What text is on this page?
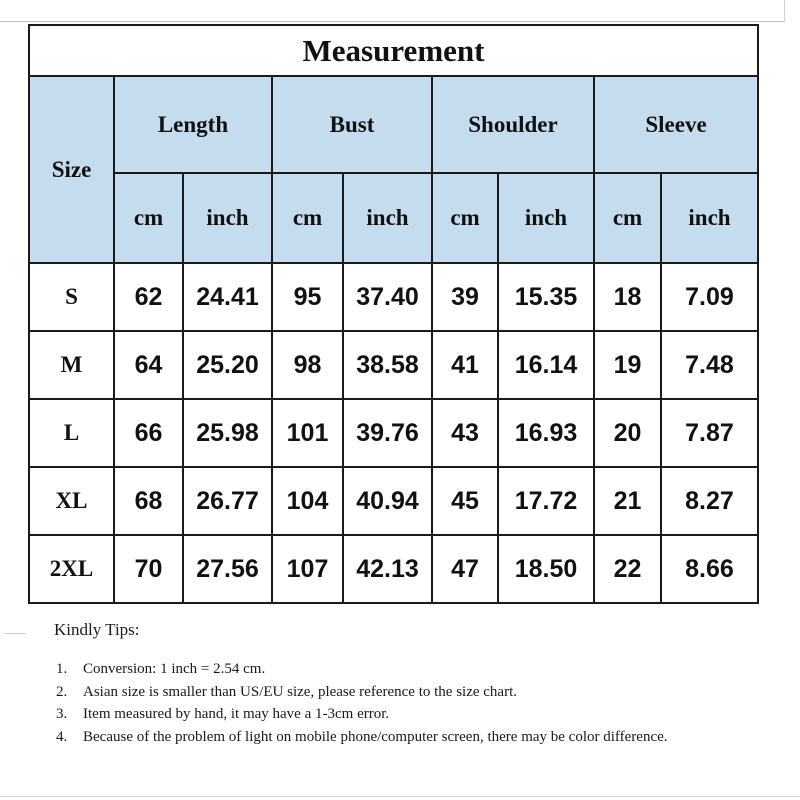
Measurement								
Size	Length		Bust		Shoulder		Sleeve	
	cm	inch	cm	inch	cm	inch	cm	inch
S	62	24.41	95	37.40	39	15.35	18	7.09
M	64	25.20	98	38.58	41	16.14	19	7.48
L	66	25.98	101	39.76	43	16.93	20	7.87
XL	68	26.77	104	40.94	45	17.72	21	8.27
2XL	70	27.56	107	42.13	47	18.50	22	8.66
Kindly Tips:
1. Conversion: 1 inch = 2.54 cm.
2. Asian size is smaller than US/EU size, please reference to the size chart.
3. Item measured by hand, it may have a 1-3cm error.
4. Because of the problem of light on mobile phone/computer screen, there may be color difference.
